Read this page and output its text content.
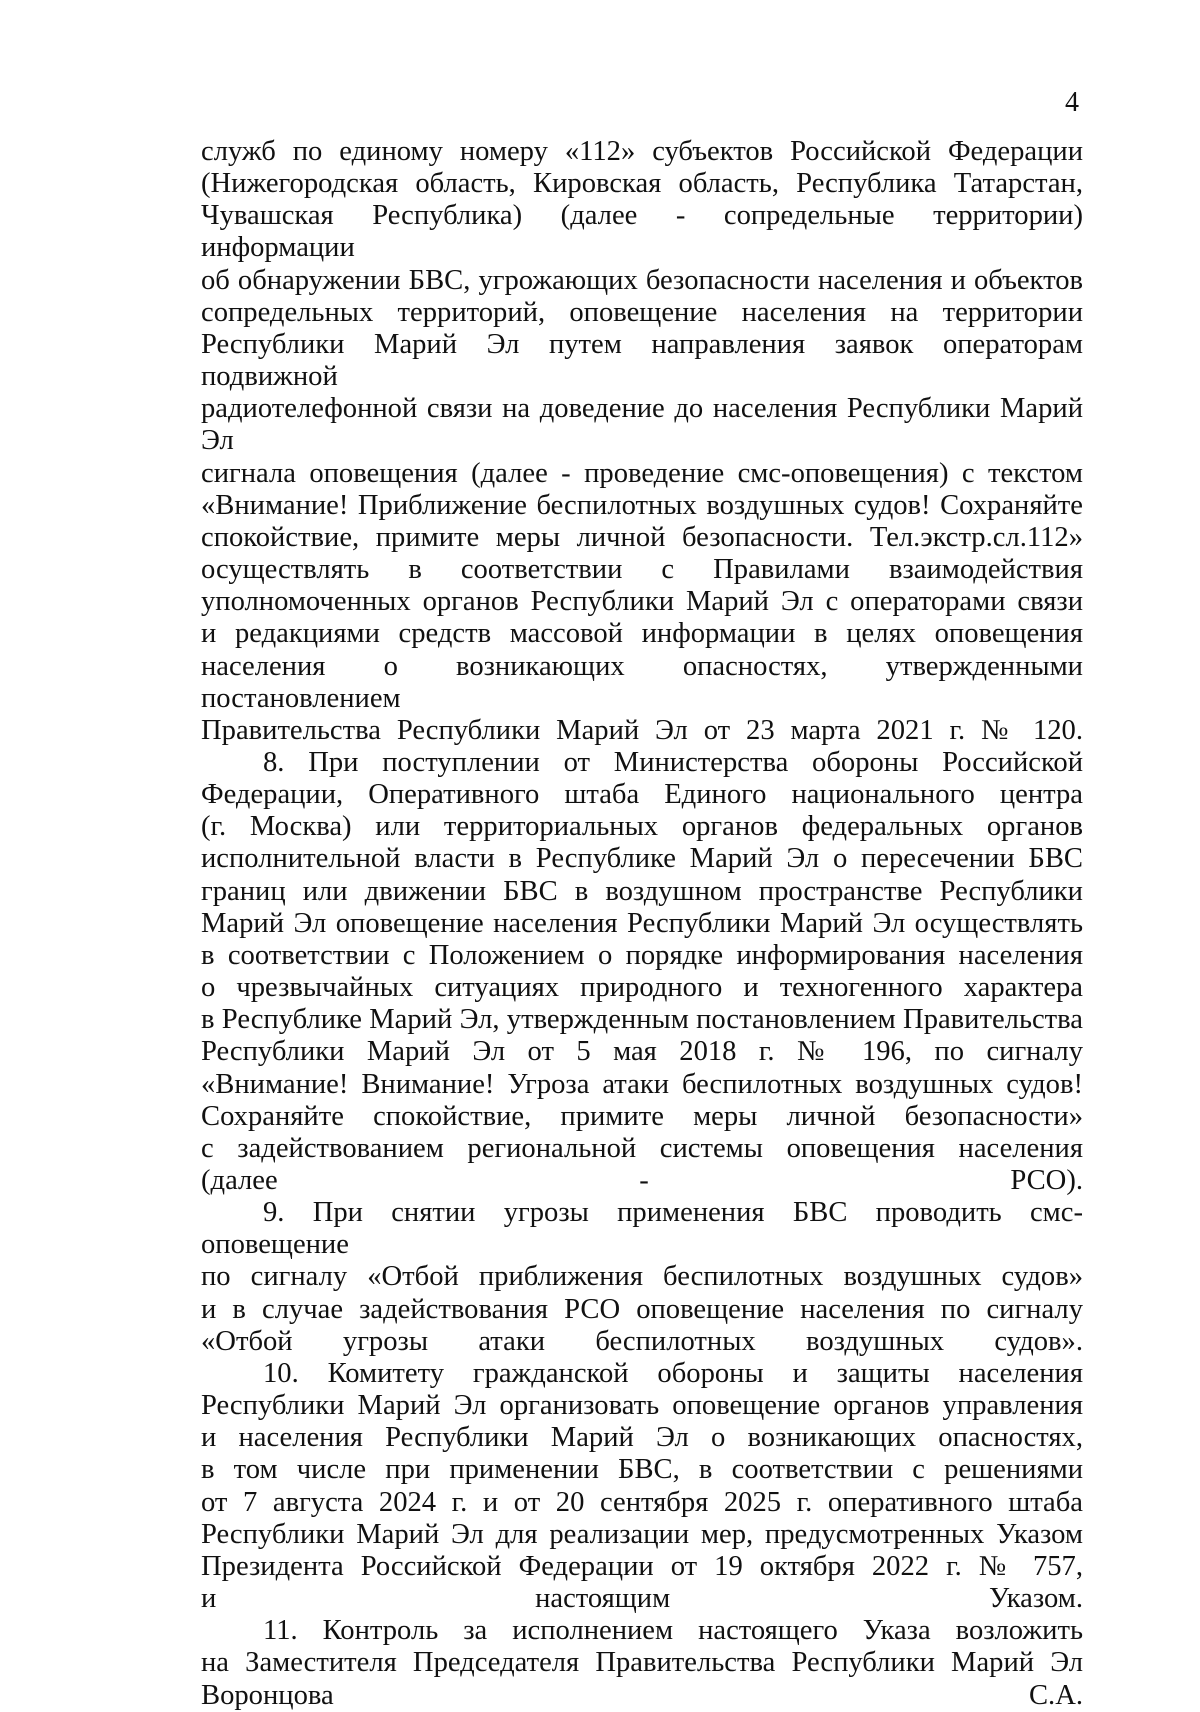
4

служб по единому номеру «112» субъектов Российской Федерации
(Нижегородская область, Кировская область, Республика Татарстан,
Чувашская Республика) (далее - сопредельные территории) информации
об обнаружении БВС, угрожающих безопасности населения и объектов
сопредельных территорий, оповещение населения на территории
Республики Марий Эл путем направления заявок операторам подвижной
радиотелефонной связи на доведение до населения Республики Марий Эл
сигнала оповещения (далее - проведение смс-оповещения) с текстом
«Внимание! Приближение беспилотных воздушных судов! Сохраняйте
спокойствие, примите меры личной безопасности. Тел.экстр.сл.112»
осуществлять в соответствии с Правилами взаимодействия
уполномоченных органов Республики Марий Эл с операторами связи
и редакциями средств массовой информации в целях оповещения
населения о возникающих опасностях, утвержденными постановлением
Правительства Республики Марий Эл от 23 марта 2021 г. № 120.

8. При поступлении от Министерства обороны Российской
Федерации, Оперативного штаба Единого национального центра
(г. Москва) или территориальных органов федеральных органов
исполнительной власти в Республике Марий Эл о пересечении БВС
границ или движении БВС в воздушном пространстве Республики
Марий Эл оповещение населения Республики Марий Эл осуществлять
в соответствии с Положением о порядке информирования населения
о чрезвычайных ситуациях природного и техногенного характера
в Республике Марий Эл, утвержденным постановлением Правительства
Республики Марий Эл от 5 мая 2018 г. № 196, по сигналу
«Внимание! Внимание! Угроза атаки беспилотных воздушных судов!
Сохраняйте спокойствие, примите меры личной безопасности»
с задействованием региональной системы оповещения населения
(далее - РСО).

9. При снятии угрозы применения БВС проводить смс-оповещение
по сигналу «Отбой приближения беспилотных воздушных судов»
и в случае задействования РСО оповещение населения по сигналу
«Отбой угрозы атаки беспилотных воздушных судов».

10. Комитету гражданской обороны и защиты населения
Республики Марий Эл организовать оповещение органов управления
и населения Республики Марий Эл о возникающих опасностях,
в том числе при применении БВС, в соответствии с решениями
от 7 августа 2024 г. и от 20 сентября 2025 г. оперативного штаба
Республики Марий Эл для реализации мер, предусмотренных Указом
Президента Российской Федерации от 19 октября 2022 г. № 757,
и настоящим Указом.

11. Контроль за исполнением настоящего Указа возложить
на Заместителя Председателя Правительства Республики Марий Эл
Воронцова С.А.
